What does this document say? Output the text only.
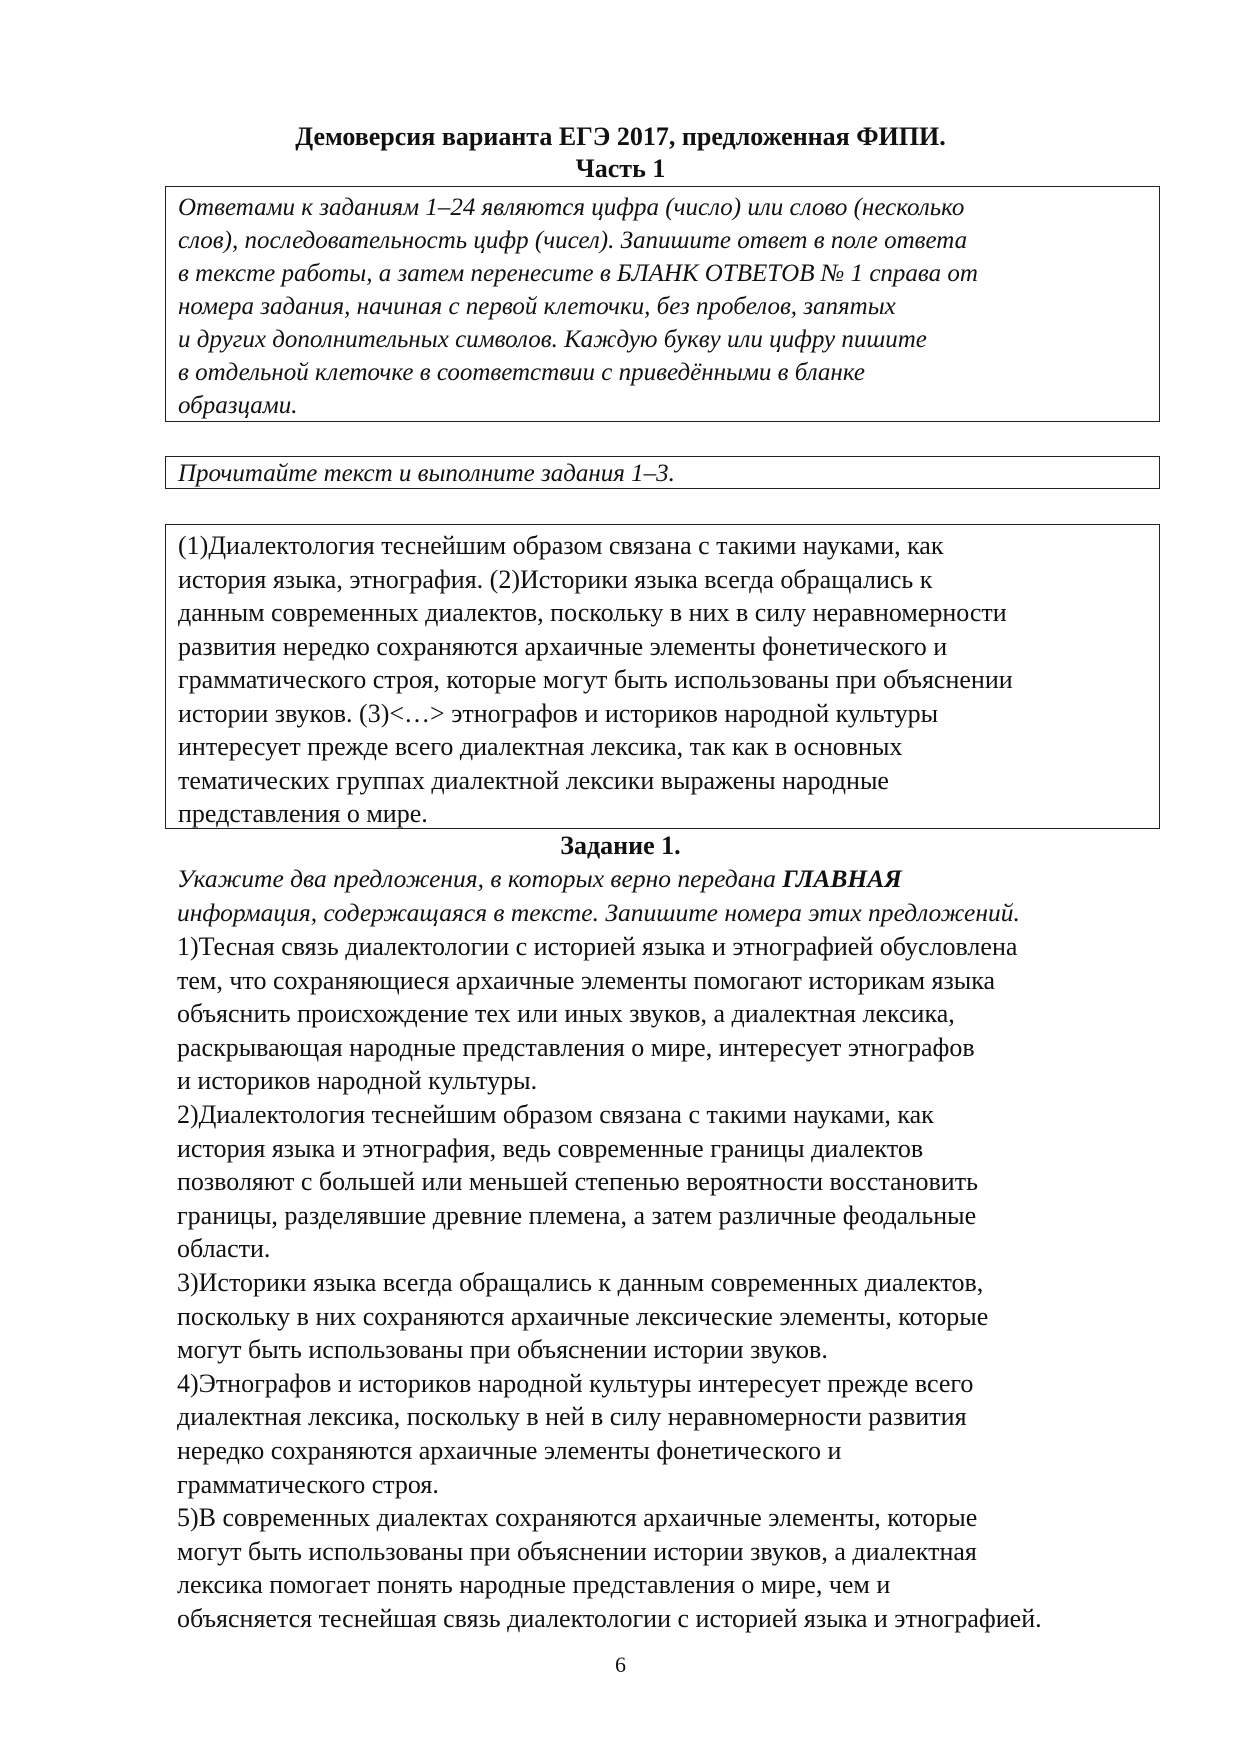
Демоверсия варианта ЕГЭ 2017, предложенная ФИПИ.
Часть 1
Ответами к заданиям 1–24 являются цифра (число) или слово (несколько
слов), последовательность цифр (чисел). Запишите ответ в поле ответа
в тексте работы, а затем перенесите в БЛАНК ОТВЕТОВ № 1 справа от
номера задания, начиная с первой клеточки, без пробелов, запятых
и других дополнительных символов. Каждую букву или цифру пишите
в отдельной клеточке в соответствии с приведёнными в бланке
образцами.
Прочитайте текст и выполните задания 1–3.
(1)Диалектология теснейшим образом связана с такими науками, как
история языка, этнография. (2)Историки языка всегда обращались к
данным современных диалектов, поскольку в них в силу неравномерности
развития нередко сохраняются архаичные элементы фонетического и
грамматического строя, которые могут быть использованы при объяснении
истории звуков. (3)<…> этнографов и историков народной культуры
интересует прежде всего диалектная лексика, так как в основных
тематических группах диалектной лексики выражены народные
представления о мире.
Задание 1.
Укажите два предложения, в которых верно передана ГЛАВНАЯ
информация, содержащаяся в тексте. Запишите номера этих предложений.
1)Тесная связь диалектологии с историей языка и этнографией обусловлена
тем, что сохраняющиеся архаичные элементы помогают историкам языка
объяснить происхождение тех или иных звуков, а диалектная лексика,
раскрывающая народные представления о мире, интересует этнографов
и историков народной культуры.
2)Диалектология теснейшим образом связана с такими науками, как
история языка и этнография, ведь современные границы диалектов
позволяют с большей или меньшей степенью вероятности восстановить
границы, разделявшие древние племена, а затем различные феодальные
области.
3)Историки языка всегда обращались к данным современных диалектов,
поскольку в них сохраняются архаичные лексические элементы, которые
могут быть использованы при объяснении истории звуков.
4)Этнографов и историков народной культуры интересует прежде всего
диалектная лексика, поскольку в ней в силу неравномерности развития
нередко сохраняются архаичные элементы фонетического и
грамматического строя.
5)В современных диалектах сохраняются архаичные элементы, которые
могут быть использованы при объяснении истории звуков, а диалектная
лексика помогает понять народные представления о мире, чем и
объясняется теснейшая связь диалектологии с историей языка и этнографией.
6
